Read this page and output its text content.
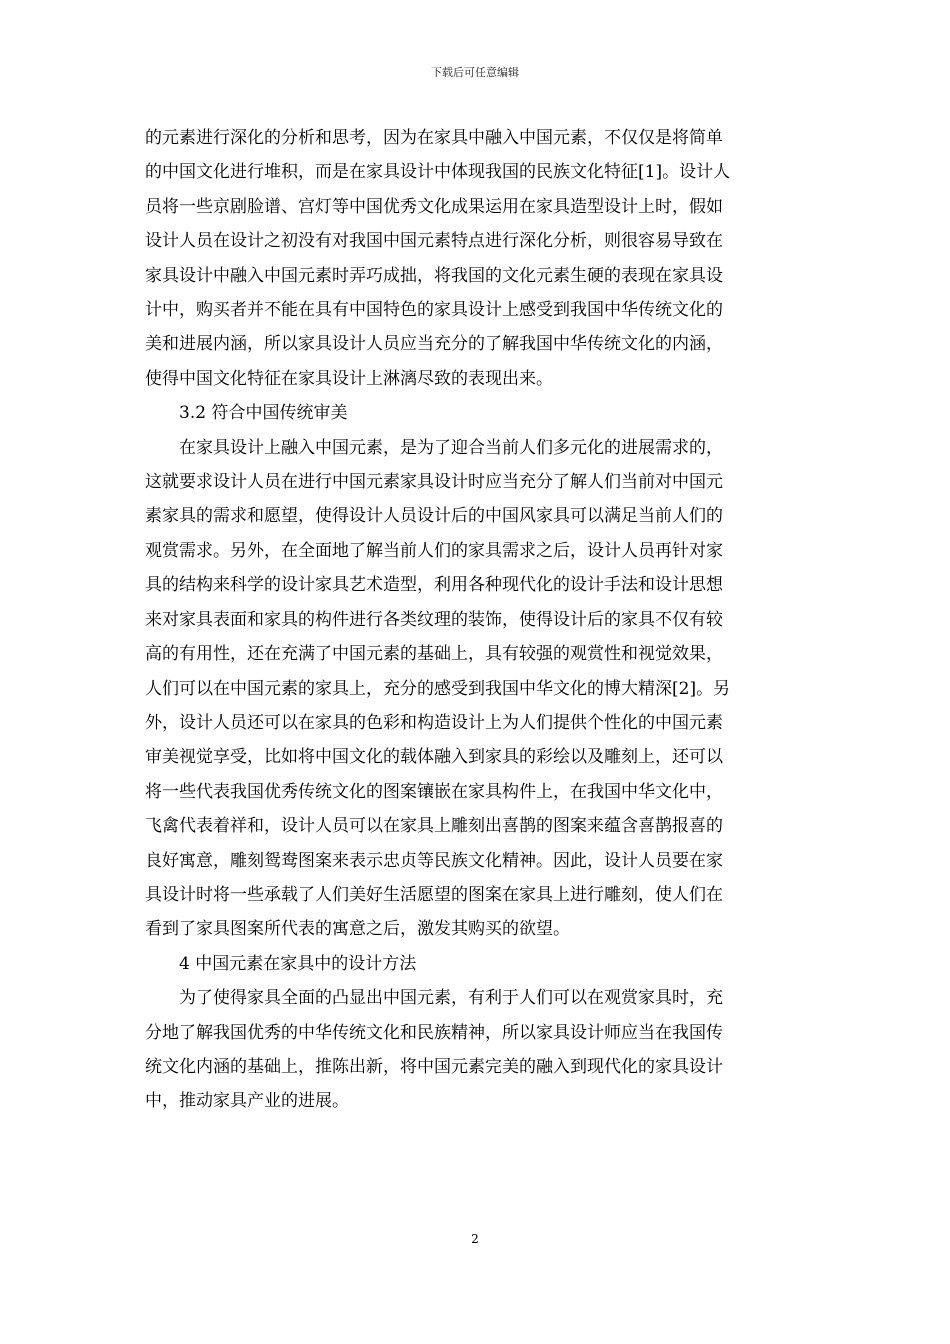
下载后可任意编辑

的元素进行深化的分析和思考，因为在家具中融入中国元素，不仅仅是将简单
的中国文化进行堆积，而是在家具设计中体现我国的民族文化特征[1]。设计人
员将一些京剧脸谱、宫灯等中国优秀文化成果运用在家具造型设计上时，假如
设计人员在设计之初没有对我国中国元素特点进行深化分析，则很容易导致在
家具设计中融入中国元素时弄巧成拙，将我国的文化元素生硬的表现在家具设
计中，购买者并不能在具有中国特色的家具设计上感受到我国中华传统文化的
美和进展内涵，所以家具设计人员应当充分的了解我国中华传统文化的内涵，
使得中国文化特征在家具设计上淋漓尽致的表现出来。

　　3.2 符合中国传统审美

　　在家具设计上融入中国元素，是为了迎合当前人们多元化的进展需求的，
这就要求设计人员在进行中国元素家具设计时应当充分了解人们当前对中国元
素家具的需求和愿望，使得设计人员设计后的中国风家具可以满足当前人们的
观赏需求。另外，在全面地了解当前人们的家具需求之后，设计人员再针对家
具的结构来科学的设计家具艺术造型，利用各种现代化的设计手法和设计思想
来对家具表面和家具的构件进行各类纹理的装饰，使得设计后的家具不仅有较
高的有用性，还在充满了中国元素的基础上，具有较强的观赏性和视觉效果，
人们可以在中国元素的家具上，充分的感受到我国中华文化的博大精深[2]。另
外，设计人员还可以在家具的色彩和构造设计上为人们提供个性化的中国元素
审美视觉享受，比如将中国文化的载体融入到家具的彩绘以及雕刻上，还可以
将一些代表我国优秀传统文化的图案镶嵌在家具构件上，在我国中华文化中，
飞禽代表着祥和，设计人员可以在家具上雕刻出喜鹊的图案来蕴含喜鹊报喜的
良好寓意，雕刻鸳鸯图案来表示忠贞等民族文化精神。因此，设计人员要在家
具设计时将一些承载了人们美好生活愿望的图案在家具上进行雕刻，使人们在
看到了家具图案所代表的寓意之后，激发其购买的欲望。

　　4 中国元素在家具中的设计方法

　　为了使得家具全面的凸显出中国元素，有利于人们可以在观赏家具时，充
分地了解我国优秀的中华传统文化和民族精神，所以家具设计师应当在我国传
统文化内涵的基础上，推陈出新，将中国元素完美的融入到现代化的家具设计
中，推动家具产业的进展。

2
